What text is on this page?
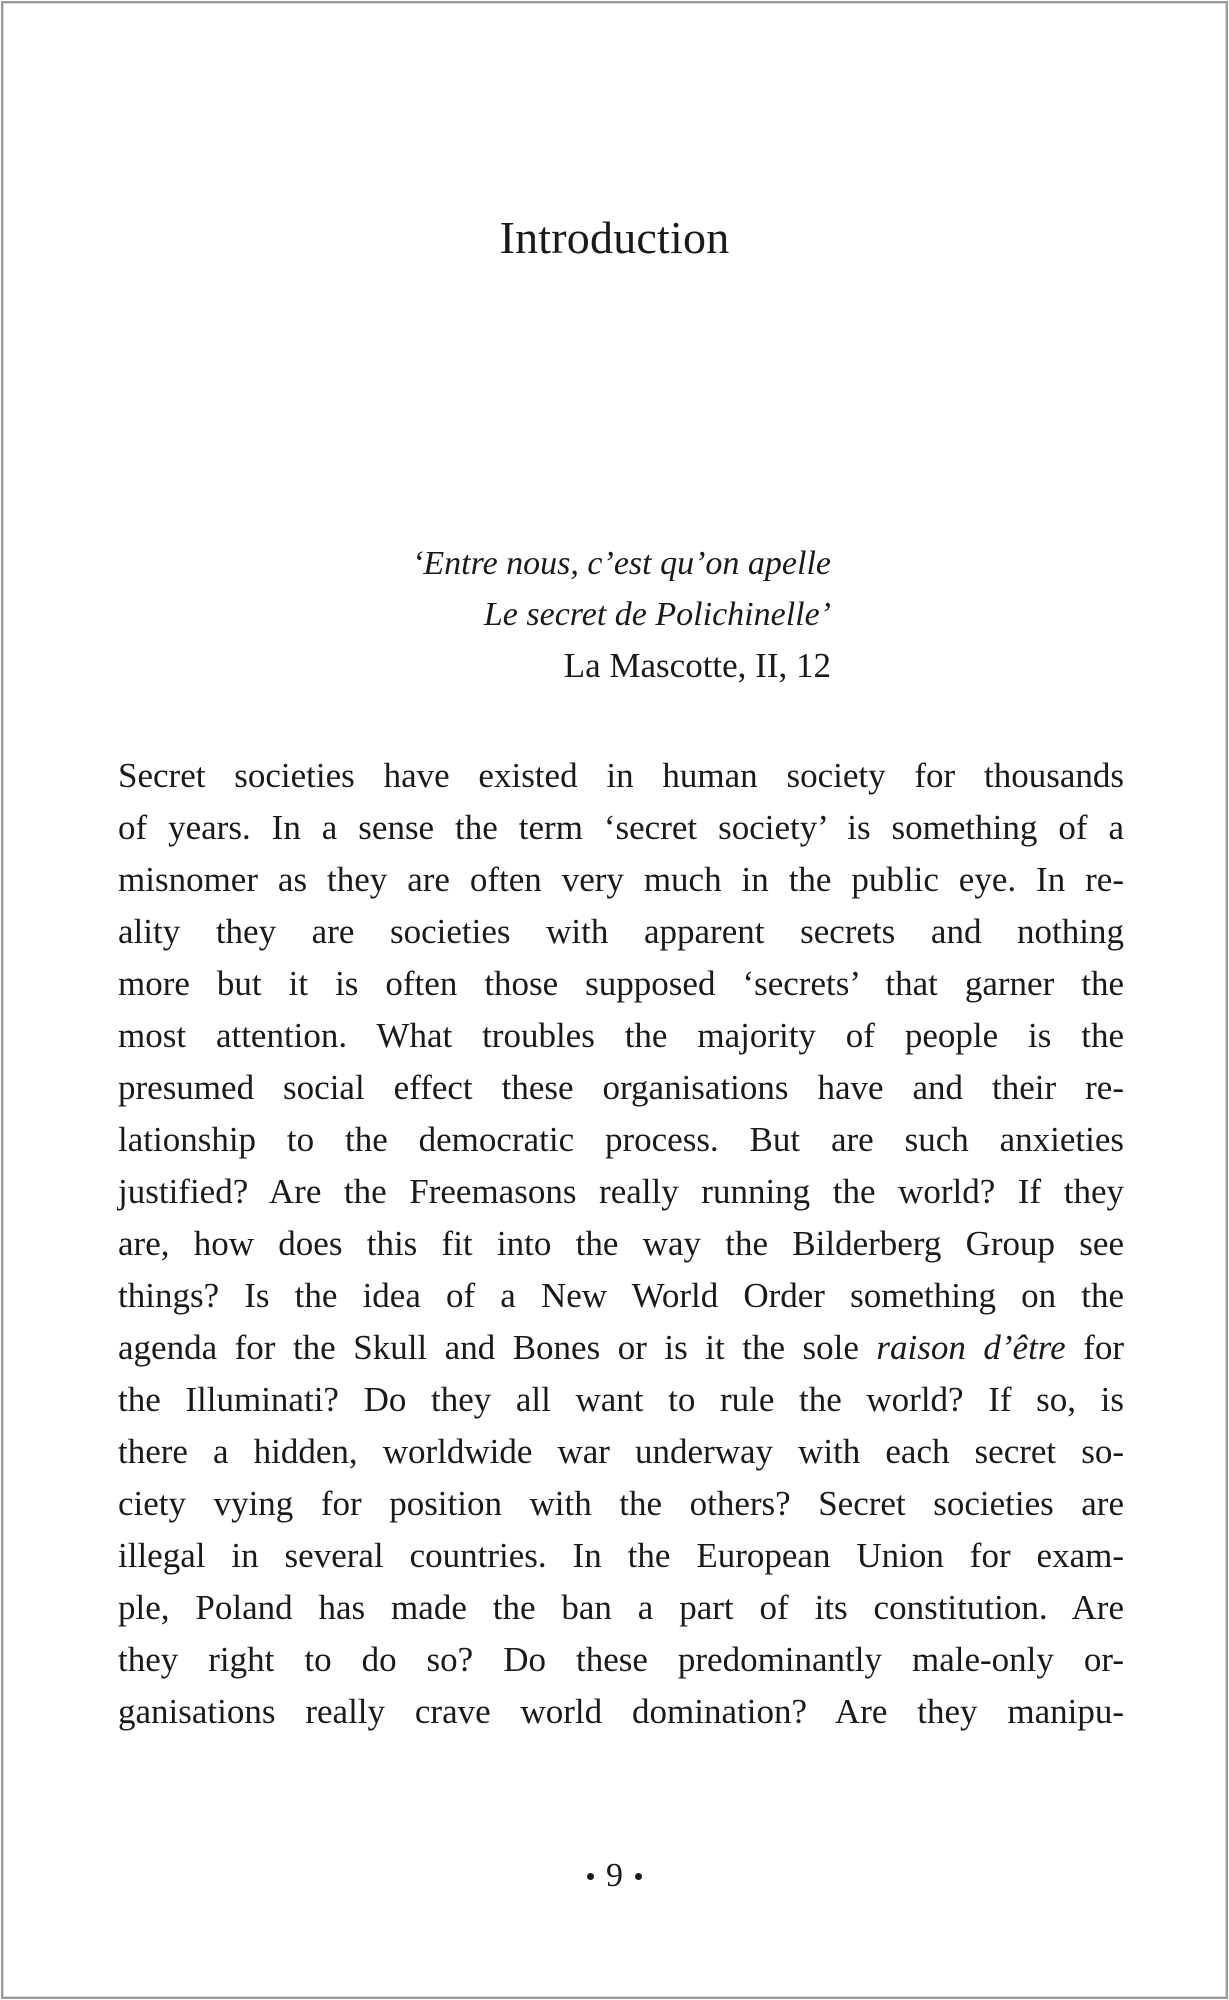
Introduction
‘Entre nous, c’est qu’on apelle
Le secret de Polichinelle’
La Mascotte, II, 12
Secret societies have existed in human society for thousands
of years. In a sense the term ‘secret society’ is something of a
misnomer as they are often very much in the public eye. In re-
ality they are societies with apparent secrets and nothing
more but it is often those supposed ‘secrets’ that garner the
most attention. What troubles the majority of people is the
presumed social effect these organisations have and their re-
lationship to the democratic process. But are such anxieties
justified? Are the Freemasons really running the world? If they
are, how does this fit into the way the Bilderberg Group see
things? Is the idea of a New World Order something on the
agenda for the Skull and Bones or is it the sole raison d’être for
the Illuminati? Do they all want to rule the world? If so, is
there a hidden, worldwide war underway with each secret so-
ciety vying for position with the others? Secret societies are
illegal in several countries. In the European Union for exam-
ple, Poland has made the ban a part of its constitution. Are
they right to do so? Do these predominantly male-only or-
ganisations really crave world domination? Are they manipu-
9
